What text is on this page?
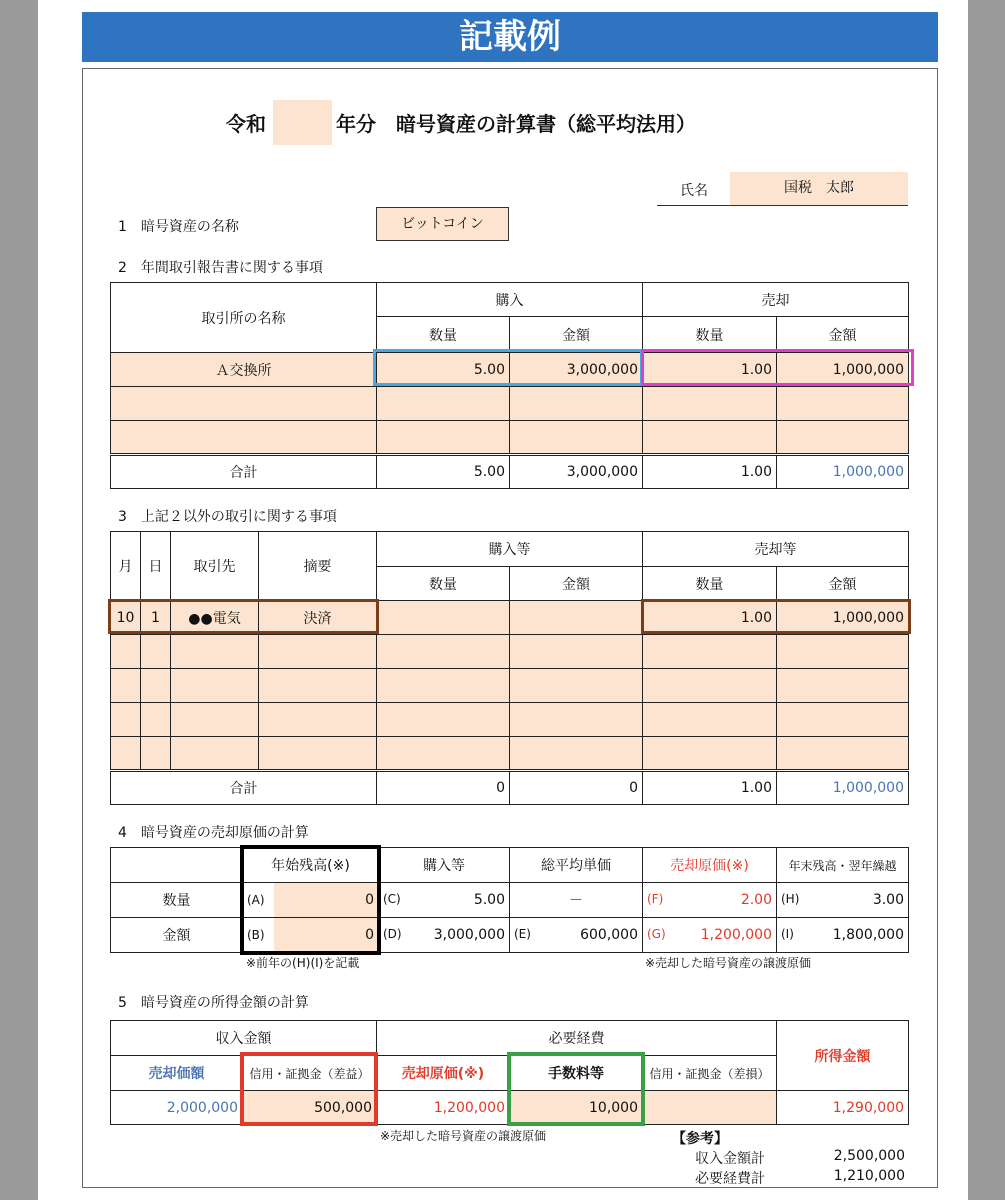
記載例
令和	年分　暗号資産の計算書（総平均法用）
氏名	国税　太郎
1　暗号資産の名称	ビットコイン
2　年間取引報告書に関する事項
取引所の名称	購入		売却	
	数量	金額	数量	金額
Ａ交換所	5.00	3,000,000	1.00	1,000,000

合計	5.00	3,000,000	1.00	1,000,000
3　上記２以外の取引に関する事項
月	日	取引先	摘要	購入等		売却等	
				数量	金額	数量	金額
10	1	●●電気	決済			1.00	1,000,000

合計				0	0	1.00	1,000,000
4　暗号資産の売却原価の計算
	年始残高(※)	購入等	総平均単価	売却原価(※)	年末残高・翌年繰越
数量	(A) 0	(C) 5.00	－	(F) 2.00	(H) 3.00

金額	(B) 0	(D) 3,000,000	(E) 600,000	(G) 1,200,000	(I) 1,800,000
※前年の(H)(I)を記載	※売却した暗号資産の譲渡原価
5　暗号資産の所得金額の計算
収入金額		必要経費			所得金額
売却価額	信用・証拠金（差益）	売却原価(※)	手数料等	信用・証拠金（差損）	
2,000,000	500,000	1,200,000	10,000		1,290,000
※売却した暗号資産の譲渡原価	【参考】
収入金額計	2,500,000
必要経費計	1,210,000
